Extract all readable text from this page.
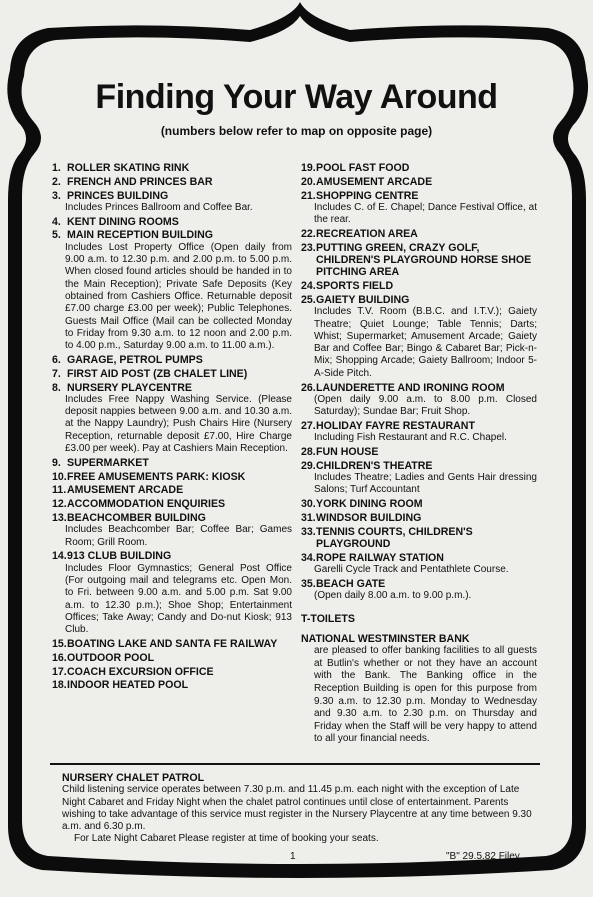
Finding Your Way Around
(numbers below refer to map on opposite page)
1. ROLLER SKATING RINK
2. FRENCH AND PRINCES BAR
3. PRINCES BUILDING
Includes Princes Ballroom and Coffee Bar.
4. KENT DINING ROOMS
5. MAIN RECEPTION BUILDING
Includes Lost Property Office (Open daily from 9.00 a.m. to 12.30 p.m. and 2.00 p.m. to 5.00 p.m. When closed found articles should be handed in to the Main Reception); Private Safe Deposits (Key obtained from Cashiers Office. Returnable deposit £7.00 charge £3.00 per week); Public Telephones. Guests Mail Office (Mail can be collected Monday to Friday from 9.30 a.m. to 12 noon and 2.00 p.m. to 4.00 p.m., Saturday 9.00 a.m. to 11.00 a.m.).
6. GARAGE, PETROL PUMPS
7. FIRST AID POST (ZB CHALET LINE)
8. NURSERY PLAYCENTRE
Includes Free Nappy Washing Service. (Please deposit nappies between 9.00 a.m. and 10.30 a.m. at the Nappy Laundry); Push Chairs Hire (Nursery Reception, returnable deposit £7.00, Hire Charge £3.00 per week). Pay at Cashiers Main Reception.
9. SUPERMARKET
10. FREE AMUSEMENTS PARK: KIOSK
11. AMUSEMENT ARCADE
12. ACCOMMODATION ENQUIRIES
13. BEACHCOMBER BUILDING
Includes Beachcomber Bar; Coffee Bar; Games Room; Grill Room.
14. 913 CLUB BUILDING
Includes Floor Gymnastics; General Post Office (For outgoing mail and telegrams etc. Open Mon. to Fri. between 9.00 a.m. and 5.00 p.m. Sat 9.00 a.m. to 12.30 p.m.); Shoe Shop; Entertainment Offices; Take Away; Candy and Do-nut Kiosk; 913 Club.
15. BOATING LAKE AND SANTA FE RAILWAY
16. OUTDOOR POOL
17. COACH EXCURSION OFFICE
18. INDOOR HEATED POOL
19. POOL FAST FOOD
20. AMUSEMENT ARCADE
21. SHOPPING CENTRE
Includes C. of E. Chapel; Dance Festival Office, at the rear.
22. RECREATION AREA
23. PUTTING GREEN, CRAZY GOLF, CHILDREN'S PLAYGROUND HORSE SHOE PITCHING AREA
24. SPORTS FIELD
25. GAIETY BUILDING
Includes T.V. Room (B.B.C. and I.T.V.); Gaiety Theatre; Quiet Lounge; Table Tennis; Darts; Whist; Supermarket; Amusement Arcade; Gaiety Bar and Coffee Bar; Bingo & Cabaret Bar; Pick-n-Mix; Shopping Arcade; Gaiety Ballroom; Indoor 5-A-Side Pitch.
26. LAUNDERETTE AND IRONING ROOM
(Open daily 9.00 a.m. to 8.00 p.m. Closed Saturday); Sundae Bar; Fruit Shop.
27. HOLIDAY FAYRE RESTAURANT
Including Fish Restaurant and R.C. Chapel.
28. FUN HOUSE
29. CHILDREN'S THEATRE
Includes Theatre; Ladies and Gents Hair dressing Salons; Turf Accountant
30. YORK DINING ROOM
31. WINDSOR BUILDING
33. TENNIS COURTS, CHILDREN'S PLAYGROUND
34. ROPE RAILWAY STATION
Garelli Cycle Track and Pentathlete Course.
35. BEACH GATE
(Open daily 8.00 a.m. to 9.00 p.m.).
T-TOILETS
NATIONAL WESTMINSTER BANK
are pleased to offer banking facilities to all guests at Butlin's whether or not they have an account with the Bank. The Banking office in the Reception Building is open for this purpose from 9.30 a.m. to 12.30 p.m. Monday to Wednesday and 9.30 a.m. to 2.30 p.m. on Thursday and Friday when the Staff will be very happy to attend to all your financial needs.
NURSERY CHALET PATROL
Child listening service operates between 7.30 p.m. and 11.45 p.m. each night with the exception of Late Night Cabaret and Friday Night when the chalet patrol continues until close of entertainment. Parents wishing to take advantage of this service must register in the Nursery Playcentre at any time between 9.30 a.m. and 6.30 p.m.
For Late Night Cabaret Please register at time of booking your seats.
1	"B" 29.5.82 Filey
